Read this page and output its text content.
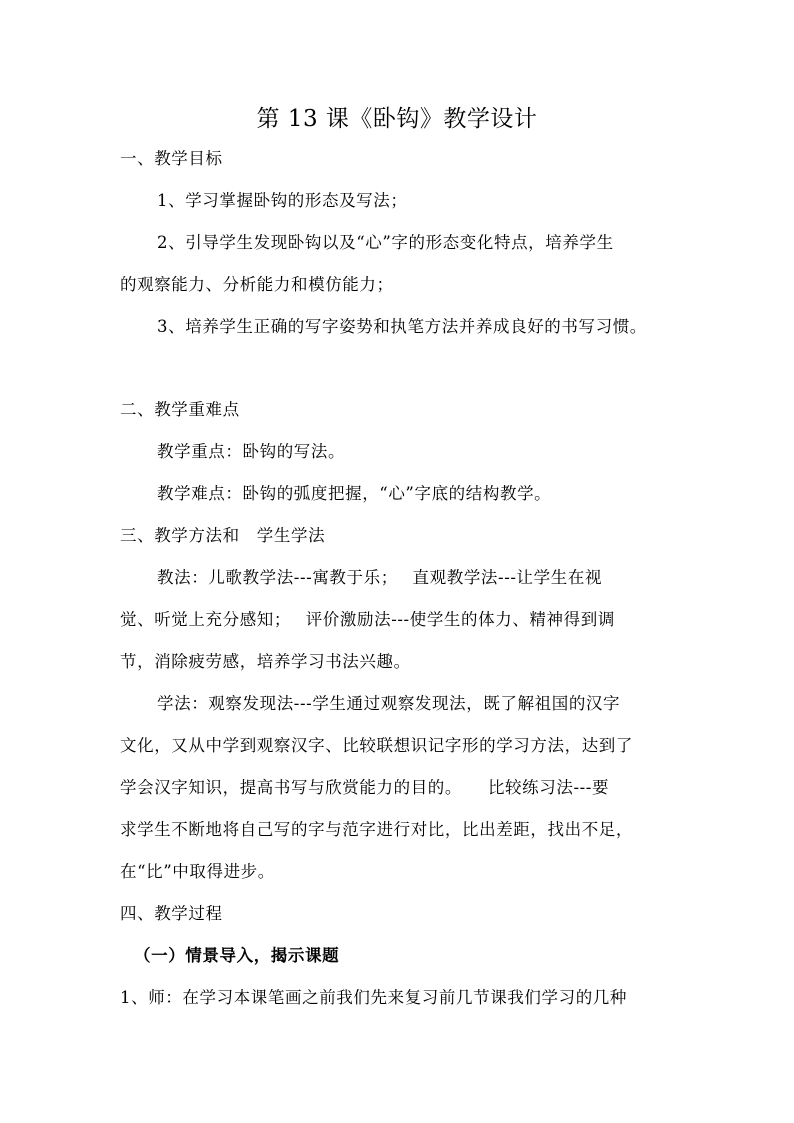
第 13 课《卧钩》教学设计
一、教学目标
1、学习掌握卧钩的形态及写法；
2、引导学生发现卧钩以及“心”字的形态变化特点，培养学生
的观察能力、分析能力和模仿能力；
3、培养学生正确的写字姿势和执笔方法并养成良好的书写习惯。
二、教学重难点
教学重点：卧钩的写法。
教学难点：卧钩的弧度把握，“心”字底的结构教学。
三、教学方法和　学生学法
教法：儿歌教学法---寓教于乐；　 直观教学法---让学生在视
觉、听觉上充分感知；　 评价激励法---使学生的体力、精神得到调
节，消除疲劳感，培养学习书法兴趣。
学法：观察发现法---学生通过观察发现法，既了解祖国的汉字
文化，又从中学到观察汉字、比较联想识记字形的学习方法，达到了
学会汉字知识，提高书写与欣赏能力的目的。　　比较练习法---要
求学生不断地将自己写的字与范字进行对比，比出差距，找出不足，
在“比”中取得进步。
四、教学过程
（一）情景导入，揭示课题
1、师：在学习本课笔画之前我们先来复习前几节课我们学习的几种
